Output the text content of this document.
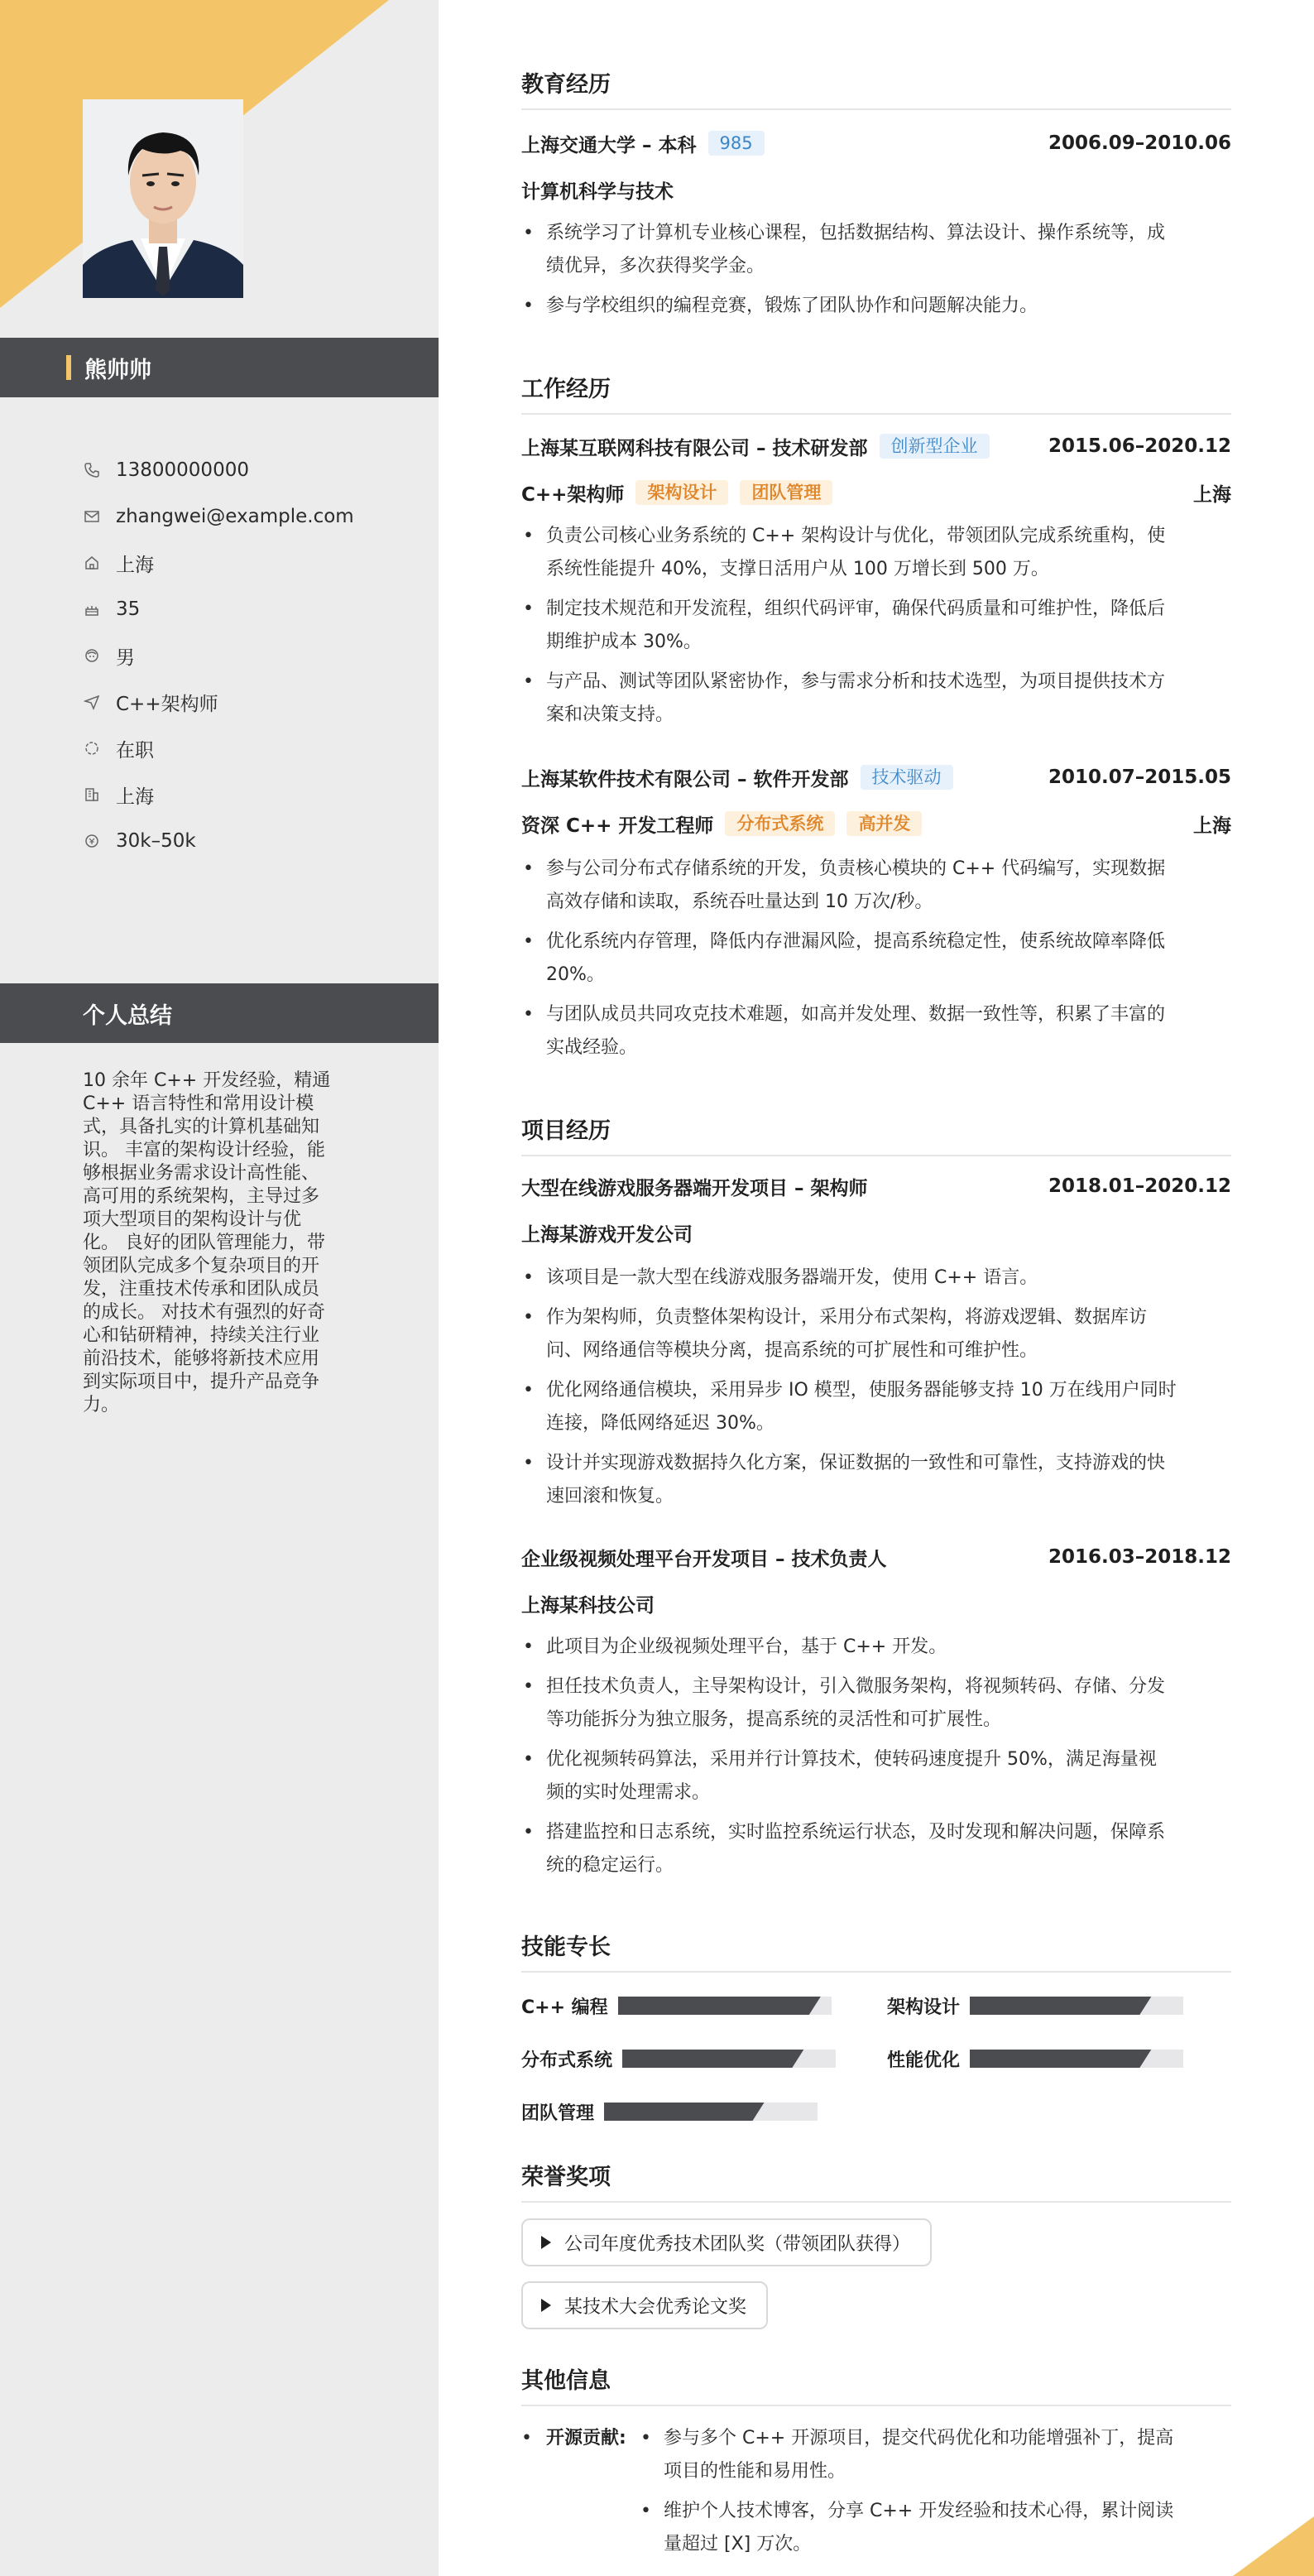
熊帅帅
13800000000
zhangwei@example.com
上海
35
男
C++架构师
在职
上海
30k–50k
个人总结
10 余年 C++ 开发经验，精通
C++ 语言特性和常用设计模
式，具备扎实的计算机基础知
识。 丰富的架构设计经验，能
够根据业务需求设计高性能、
高可用的系统架构，主导过多
项大型项目的架构设计与优
化。 良好的团队管理能力，带
领团队完成多个复杂项目的开
发，注重技术传承和团队成员
的成长。 对技术有强烈的好奇
心和钻研精神，持续关注行业
前沿技术，能够将新技术应用
到实际项目中，提升产品竞争
力。
教育经历
上海交通大学 – 本科	985	2006.09–2010.06
计算机科学与技术
• 系统学习了计算机专业核心课程，包括数据结构、算法设计、操作系统等，成
绩优异，多次获得奖学金。
• 参与学校组织的编程竞赛，锻炼了团队协作和问题解决能力。
工作经历
上海某互联网科技有限公司 – 技术研发部	创新型企业	2015.06–2020.12
C++架构师	架构设计	团队管理	上海
• 负责公司核心业务系统的 C++ 架构设计与优化，带领团队完成系统重构，使
系统性能提升 40%，支撑日活用户从 100 万增长到 500 万。
• 制定技术规范和开发流程，组织代码评审，确保代码质量和可维护性，降低后
期维护成本 30%。
• 与产品、测试等团队紧密协作，参与需求分析和技术选型，为项目提供技术方
案和决策支持。
上海某软件技术有限公司 – 软件开发部	技术驱动	2010.07–2015.05
资深 C++ 开发工程师	分布式系统	高并发	上海
• 参与公司分布式存储系统的开发，负责核心模块的 C++ 代码编写，实现数据
高效存储和读取，系统吞吐量达到 10 万次/秒。
• 优化系统内存管理，降低内存泄漏风险，提高系统稳定性，使系统故障率降低
20%。
• 与团队成员共同攻克技术难题，如高并发处理、数据一致性等，积累了丰富的
实战经验。
项目经历
大型在线游戏服务器端开发项目 – 架构师	2018.01–2020.12
上海某游戏开发公司
• 该项目是一款大型在线游戏服务器端开发，使用 C++ 语言。
• 作为架构师，负责整体架构设计，采用分布式架构，将游戏逻辑、数据库访
问、网络通信等模块分离，提高系统的可扩展性和可维护性。
• 优化网络通信模块，采用异步 IO 模型，使服务器能够支持 10 万在线用户同时
连接，降低网络延迟 30%。
• 设计并实现游戏数据持久化方案，保证数据的一致性和可靠性，支持游戏的快
速回滚和恢复。
企业级视频处理平台开发项目 – 技术负责人	2016.03–2018.12
上海某科技公司
• 此项目为企业级视频处理平台，基于 C++ 开发。
• 担任技术负责人，主导架构设计，引入微服务架构，将视频转码、存储、分发
等功能拆分为独立服务，提高系统的灵活性和可扩展性。
• 优化视频转码算法，采用并行计算技术，使转码速度提升 50%，满足海量视
频的实时处理需求。
• 搭建监控和日志系统，实时监控系统运行状态，及时发现和解决问题，保障系
统的稳定运行。
技能专长
C++ 编程	架构设计
分布式系统	性能优化
团队管理
荣誉奖项
公司年度优秀技术团队奖（带领团队获得）
某技术大会优秀论文奖
其他信息
• 开源贡献: • 参与多个 C++ 开源项目，提交代码优化和功能增强补丁，提高
项目的性能和易用性。
• 维护个人技术博客，分享 C++ 开发经验和技术心得，累计阅读
量超过 [X] 万次。
